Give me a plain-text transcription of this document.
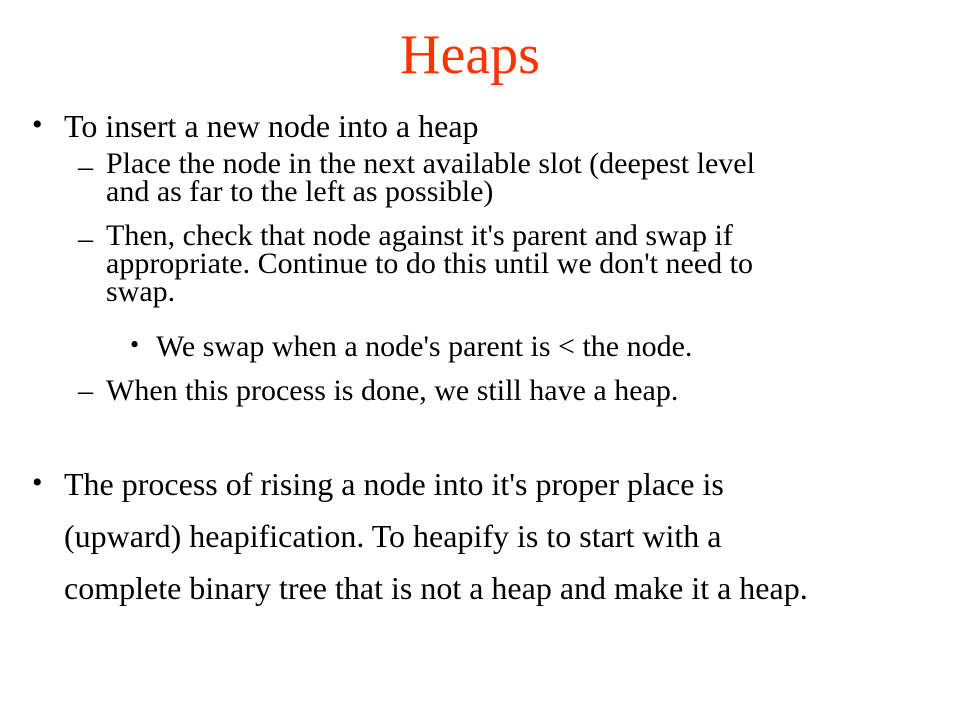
Heaps
• To insert a new node into a heap

– Place the node in the next available slot (deepest level

and as far to the left as possible)

– Then, check that node against it's parent and swap if

appropriate. Continue to do this until we don't need to

swap.

• We swap when a node's parent is < the node.

– When this process is done, we still have a heap.

• The process of rising a node into it's proper place is

(upward) heapification. To heapify is to start with a

complete binary tree that is not a heap and make it a heap.
